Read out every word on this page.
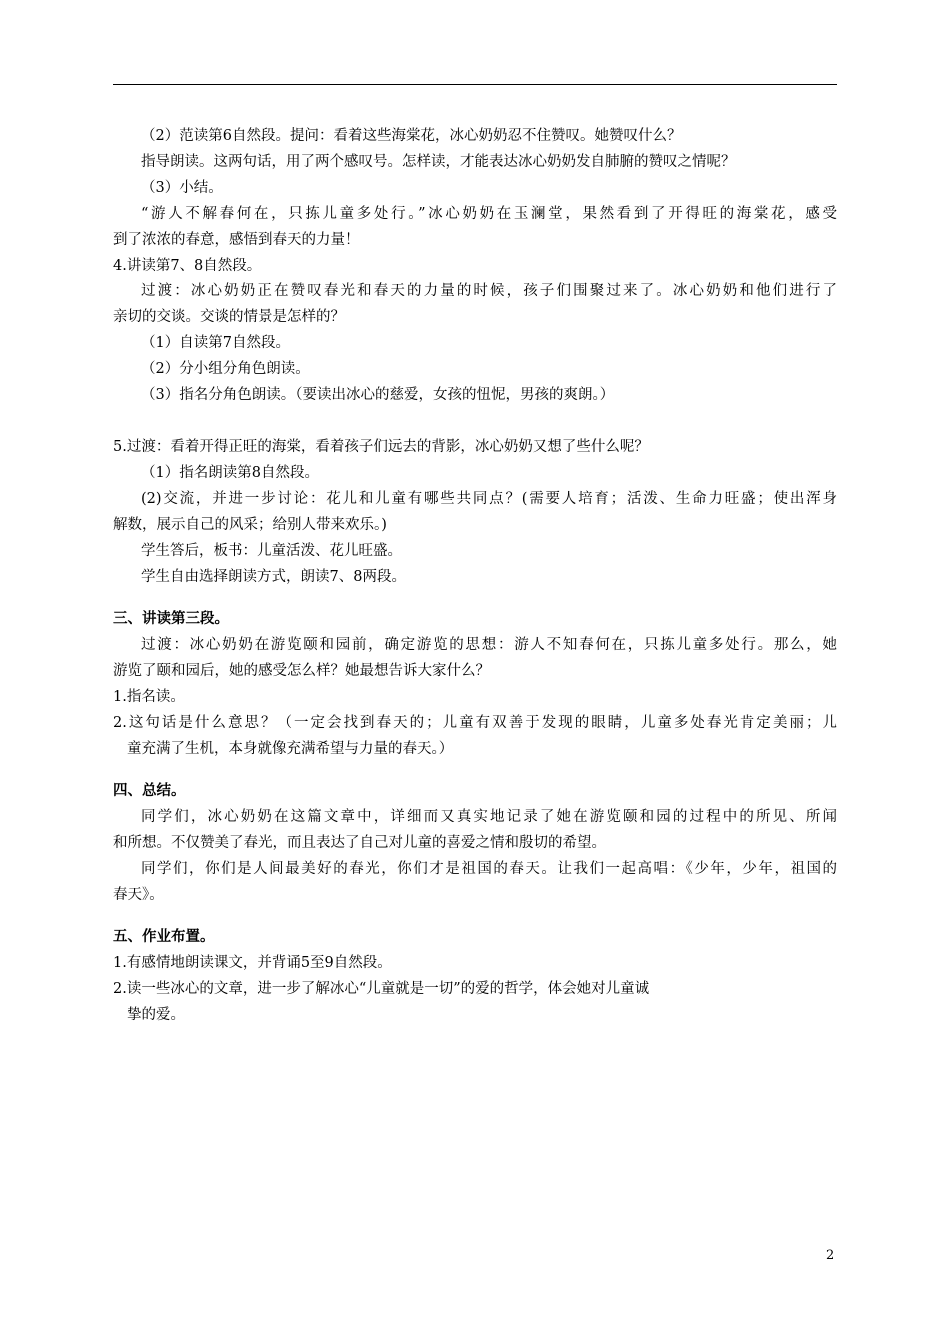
（2）范读第6自然段。提问：看着这些海棠花，冰心奶奶忍不住赞叹。她赞叹什么？
指导朗读。这两句话，用了两个感叹号。怎样读，才能表达冰心奶奶发自肺腑的赞叹之情呢？
（3）小结。
“游人不解春何在，只拣儿童多处行。”冰心奶奶在玉澜堂，果然看到了开得旺的海棠花，感受
到了浓浓的春意，感悟到春天的力量！
4.讲读第7、8自然段。
过渡：冰心奶奶正在赞叹春光和春天的力量的时候，孩子们围聚过来了。冰心奶奶和他们进行了
亲切的交谈。交谈的情景是怎样的？
（1）自读第7自然段。
（2）分小组分角色朗读。
（3）指名分角色朗读。（要读出冰心的慈爱，女孩的忸怩，男孩的爽朗。）
5.过渡：看着开得正旺的海棠，看着孩子们远去的背影，冰心奶奶又想了些什么呢？
（1）指名朗读第8自然段。
(2)交流，并进一步讨论：花儿和儿童有哪些共同点？(需要人培育；活泼、生命力旺盛；使出浑身
解数，展示自己的风采；给别人带来欢乐。)
学生答后，板书：儿童活泼、花儿旺盛。
学生自由选择朗读方式，朗读7、8两段。
三、讲读第三段。
过渡：冰心奶奶在游览颐和园前，确定游览的思想：游人不知春何在，只拣儿童多处行。那么，她
游览了颐和园后，她的感受怎么样？她最想告诉大家什么？
1.指名读。
2.这句话是什么意思？（一定会找到春天的；儿童有双善于发现的眼睛，儿童多处春光肯定美丽；儿
童充满了生机，本身就像充满希望与力量的春天。）
四、总结。
同学们，冰心奶奶在这篇文章中，详细而又真实地记录了她在游览颐和园的过程中的所见、所闻
和所想。不仅赞美了春光，而且表达了自己对儿童的喜爱之情和殷切的希望。
同学们，你们是人间最美好的春光，你们才是祖国的春天。让我们一起高唱：《少年，少年，祖国的
春天》。
五、作业布置。
1.有感情地朗读课文，并背诵5至9自然段。
2.读一些冰心的文章，进一步了解冰心“儿童就是一切”的爱的哲学，体会她对儿童诚
挚的爱。
2
